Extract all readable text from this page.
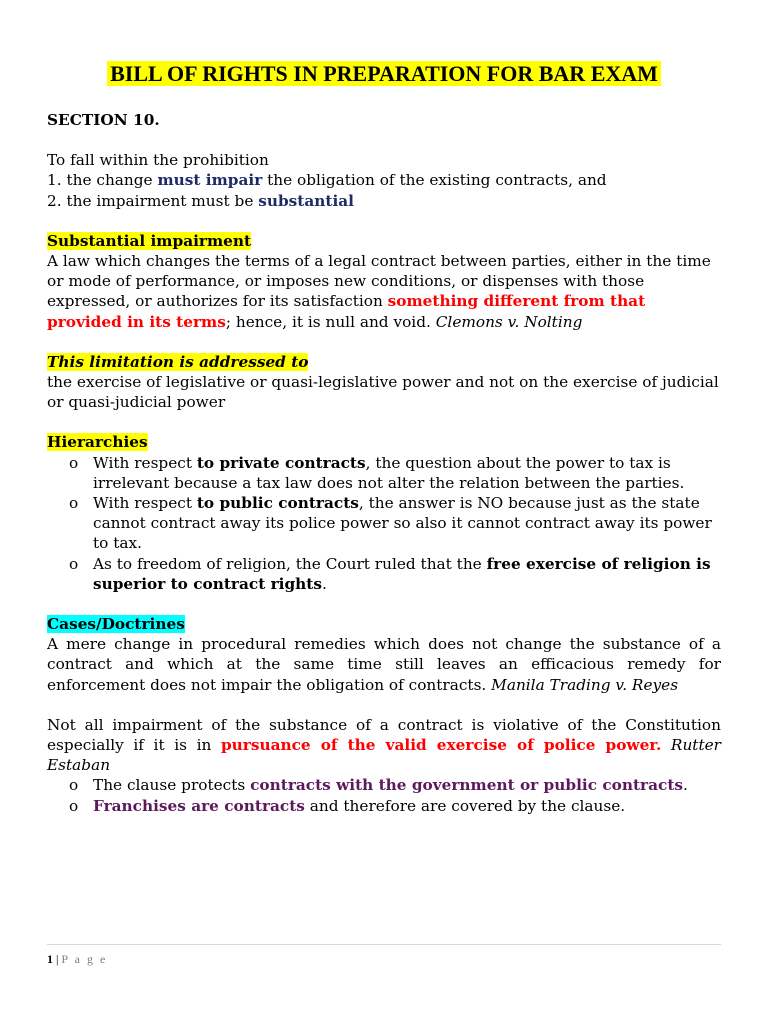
BILL OF RIGHTS IN PREPARATION FOR BAR EXAM

SECTION 10.

To fall within the prohibition

1. the change must impair the obligation of the existing contracts, and

2. the impairment must be substantial

Substantial impairment

A law which changes the terms of a legal contract between parties, either in the time or mode of performance, or imposes new conditions, or dispenses with those expressed, or authorizes for its satisfaction something different from that provided in its terms; hence, it is null and void. Clemons v. Nolting

This limitation is addressed to

the exercise of legislative or quasi-legislative power and not on the exercise of judicial or quasi-judicial power

Hierarchies

o With respect to private contracts, the question about the power to tax is irrelevant because a tax law does not alter the relation between the parties.
o With respect to public contracts, the answer is NO because just as the state cannot contract away its police power so also it cannot contract away its power to tax.
o As to freedom of religion, the Court ruled that the free exercise of religion is superior to contract rights.

Cases/Doctrines

A mere change in procedural remedies which does not change the substance of a contract and which at the same time still leaves an efficacious remedy for enforcement does not impair the obligation of contracts. Manila Trading v. Reyes

Not all impairment of the substance of a contract is violative of the Constitution especially if it is in pursuance of the valid exercise of police power. Rutter Estaban

o The clause protects contracts with the government or public contracts.
o Franchises are contracts and therefore are covered by the clause.
1 | P a g e
